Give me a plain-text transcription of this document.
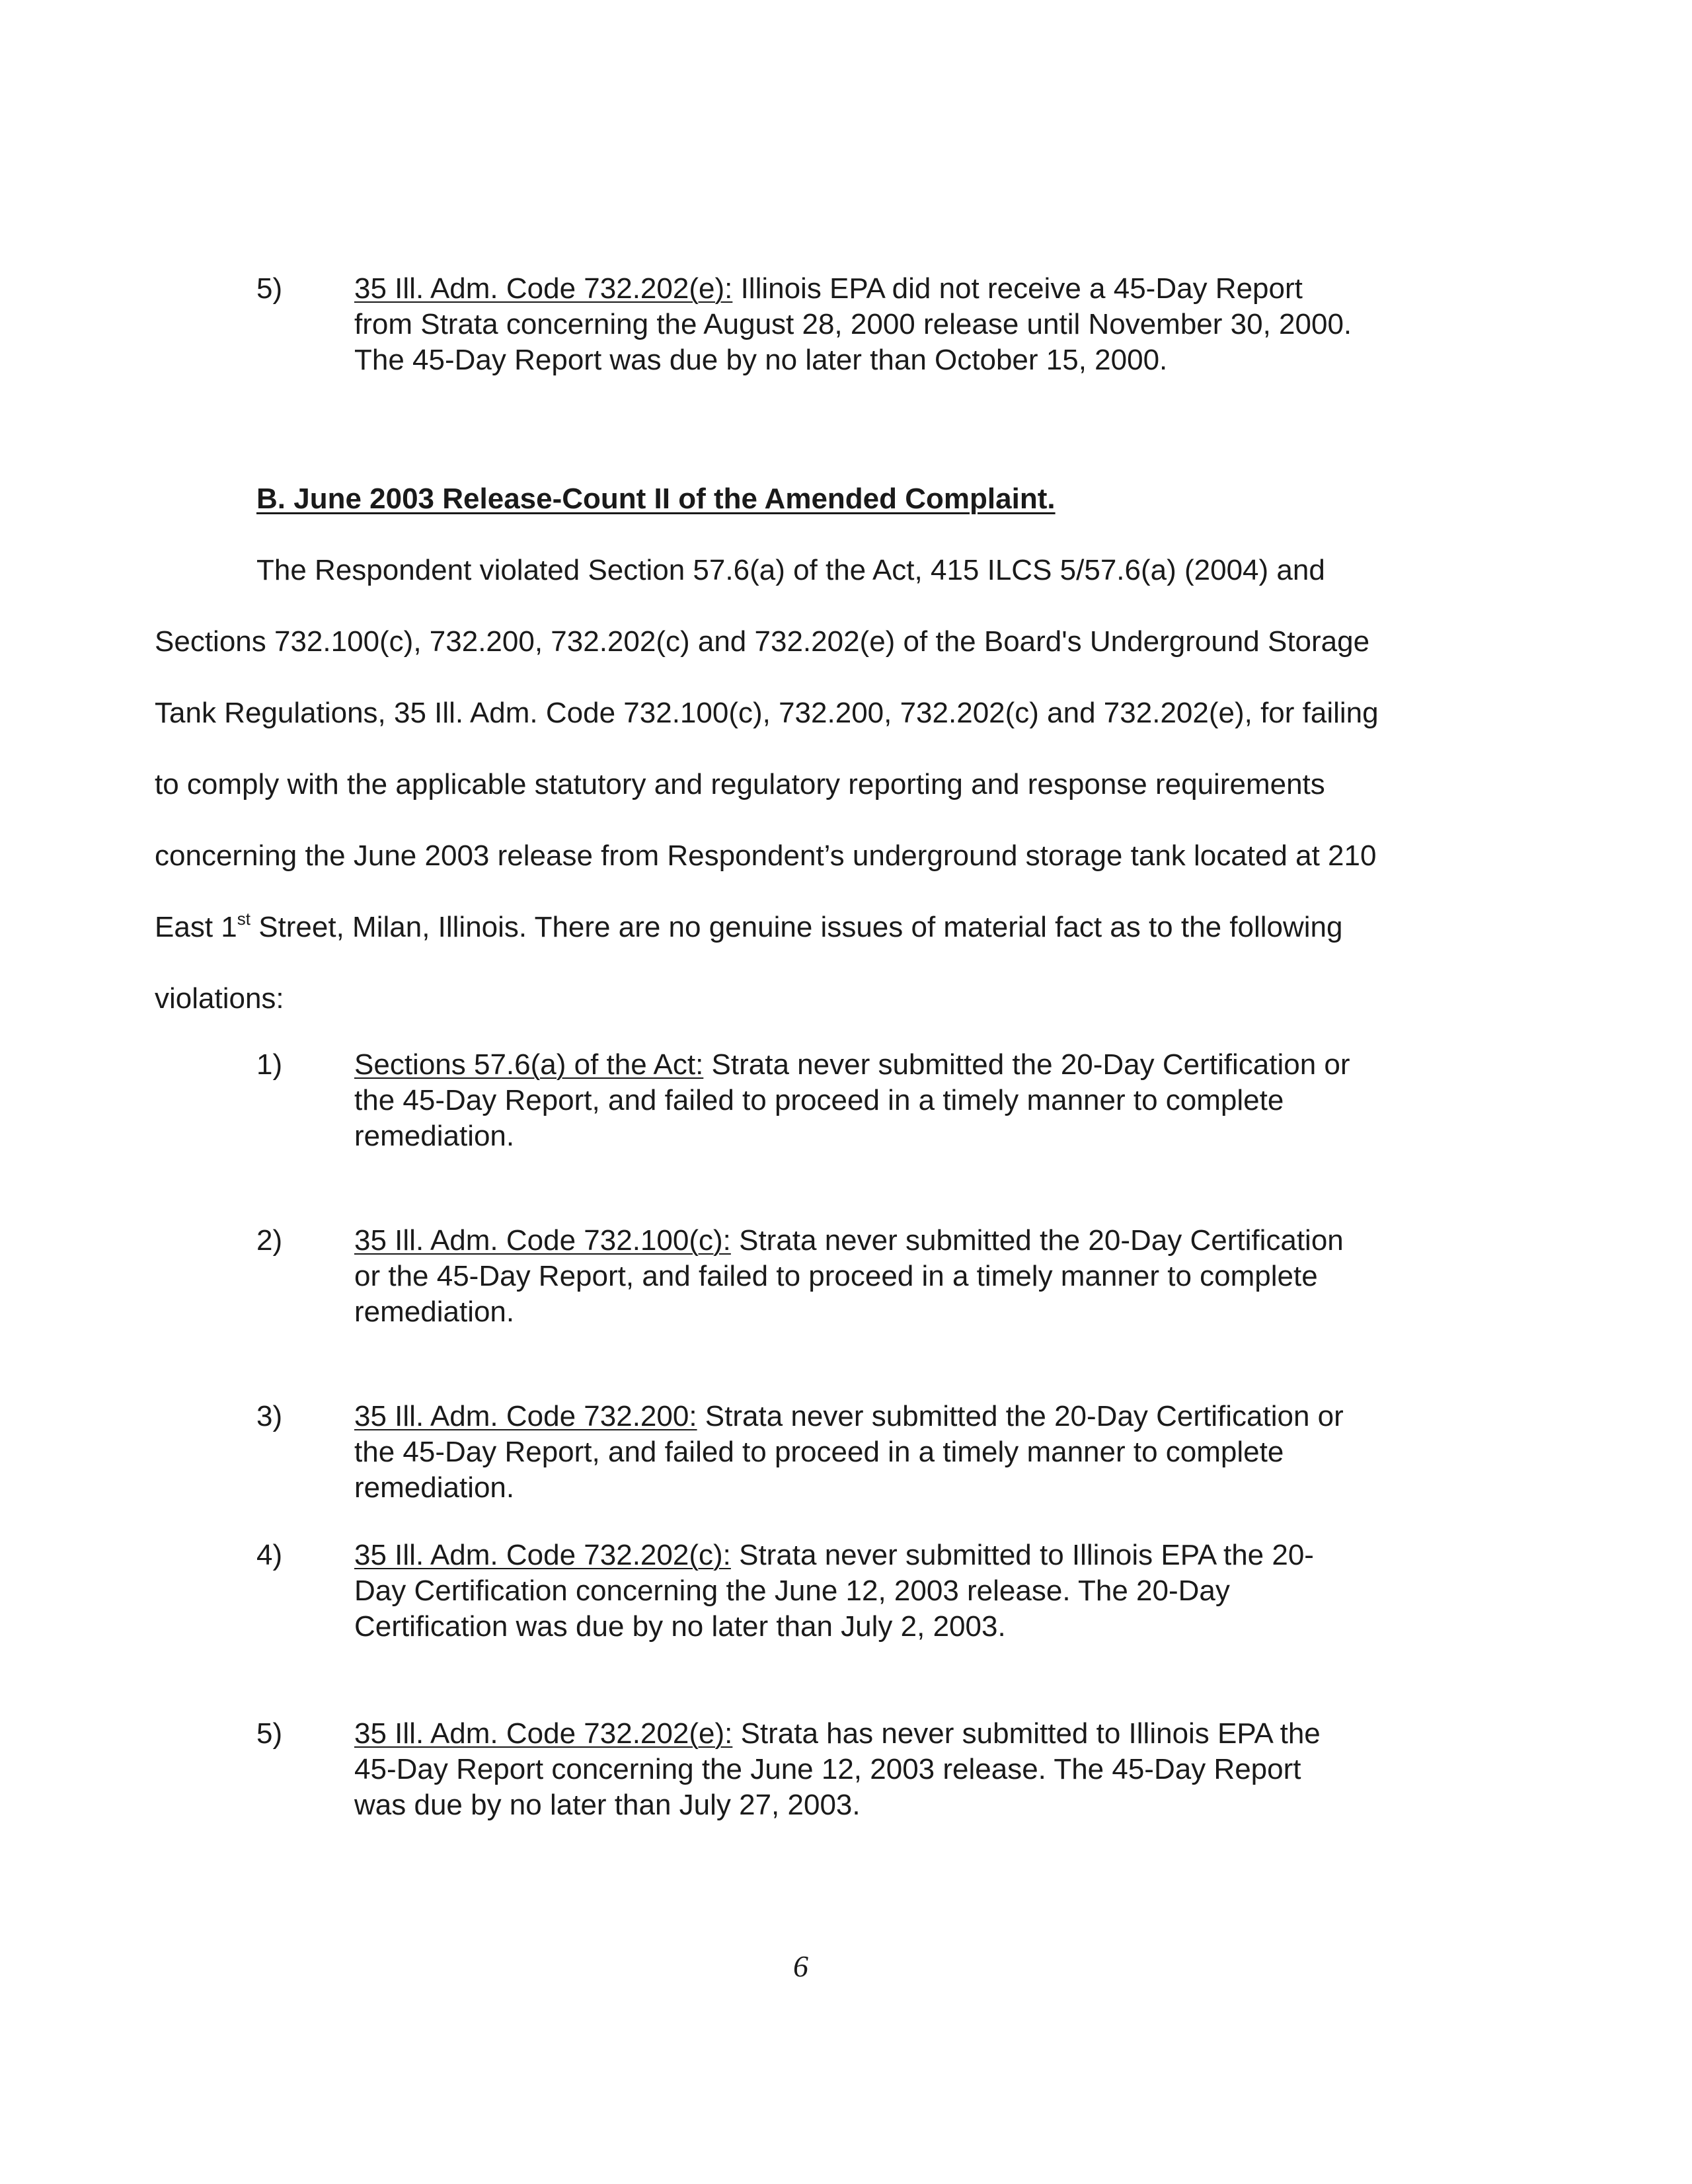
5) 35 Ill. Adm. Code 732.202(e): Illinois EPA did not receive a 45-Day Report from Strata concerning the August 28, 2000 release until November 30, 2000. The 45-Day Report was due by no later than October 15, 2000.
B. June 2003 Release-Count II of the Amended Complaint.
The Respondent violated Section 57.6(a) of the Act, 415 ILCS 5/57.6(a) (2004) and
Sections 732.100(c), 732.200, 732.202(c) and 732.202(e) of the Board's Underground Storage
Tank Regulations, 35 Ill. Adm. Code 732.100(c), 732.200, 732.202(c) and 732.202(e), for failing
to comply with the applicable statutory and regulatory reporting and response requirements
concerning the June 2003 release from Respondent’s underground storage tank located at 210
East 1st Street, Milan, Illinois. There are no genuine issues of material fact as to the following
violations:
1) Sections 57.6(a) of the Act: Strata never submitted the 20-Day Certification or the 45-Day Report, and failed to proceed in a timely manner to complete remediation.
2) 35 Ill. Adm. Code 732.100(c): Strata never submitted the 20-Day Certification or the 45-Day Report, and failed to proceed in a timely manner to complete remediation.
3) 35 Ill. Adm. Code 732.200: Strata never submitted the 20-Day Certification or the 45-Day Report, and failed to proceed in a timely manner to complete remediation.
4) 35 Ill. Adm. Code 732.202(c): Strata never submitted to Illinois EPA the 20-Day Certification concerning the June 12, 2003 release. The 20-Day Certification was due by no later than July 2, 2003.
5) 35 Ill. Adm. Code 732.202(e): Strata has never submitted to Illinois EPA the 45-Day Report concerning the June 12, 2003 release. The 45-Day Report was due by no later than July 27, 2003.
6
